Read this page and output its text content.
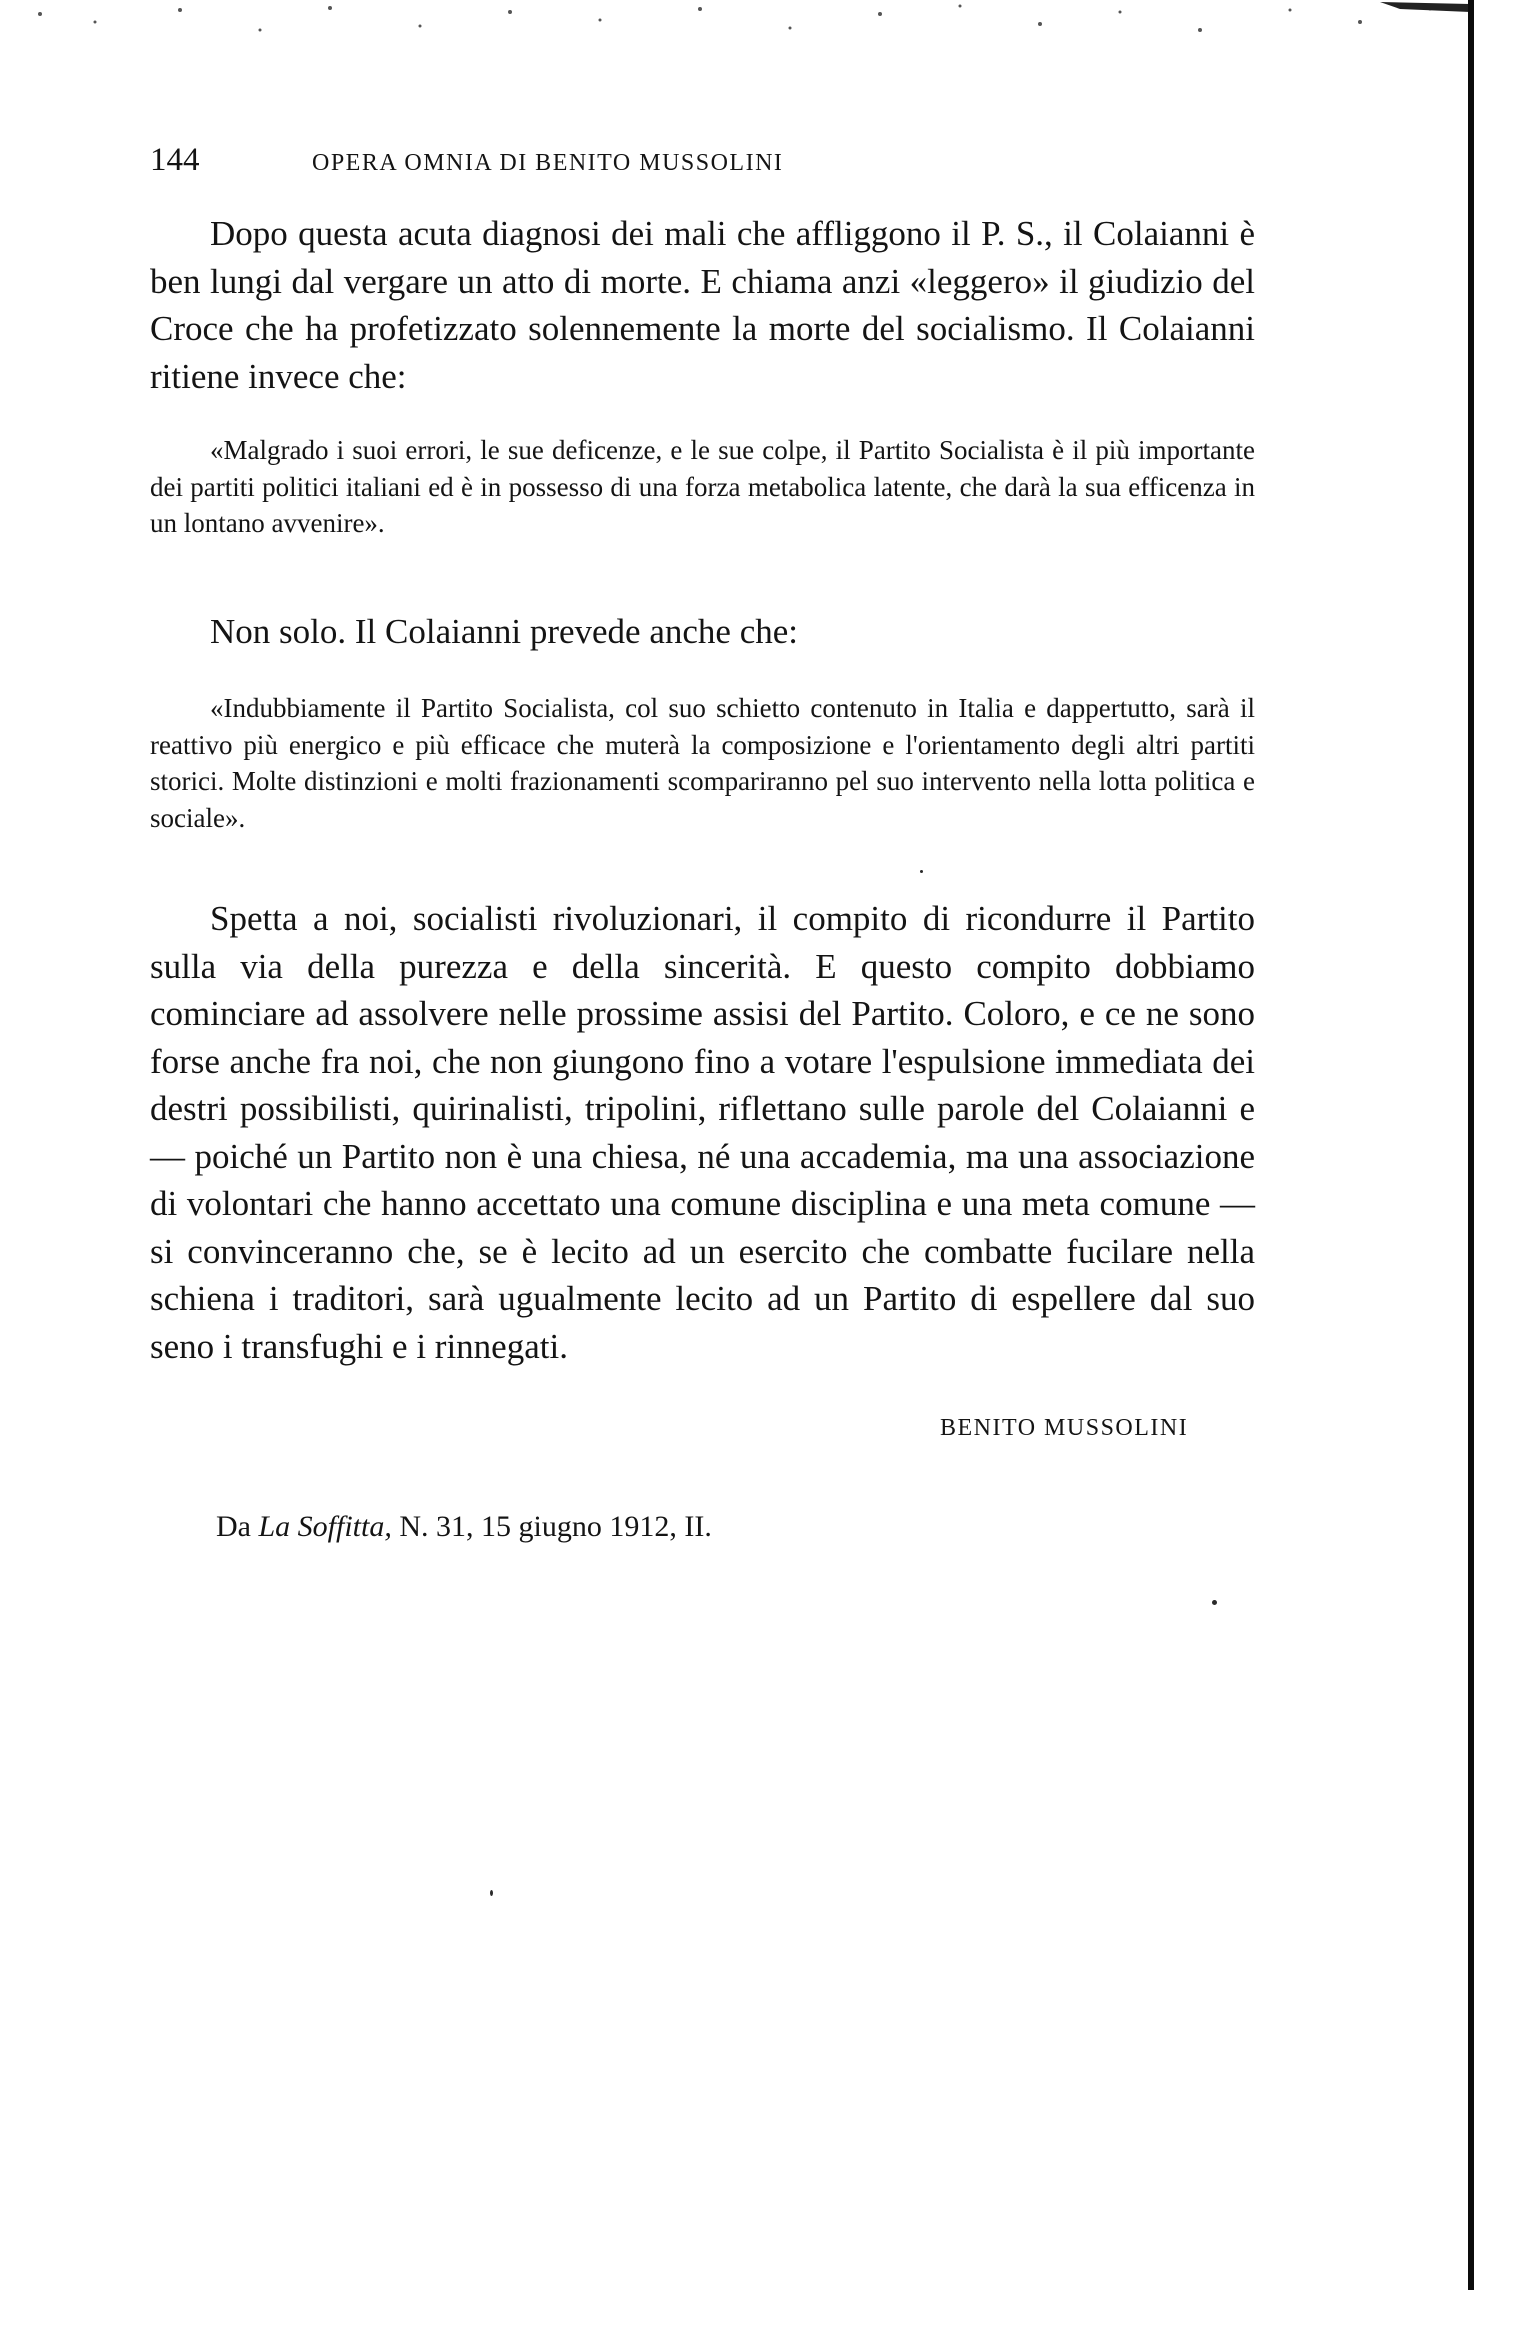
144	OPERA OMNIA DI BENITO MUSSOLINI

Dopo questa acuta diagnosi dei mali che affliggono il P. S., il Colaianni è ben lungi dal vergare un atto di morte. E chiama anzi «leggero» il giudizio del Croce che ha profetizzato solennemente la morte del socialismo. Il Colaianni ritiene invece che:

«Malgrado i suoi errori, le sue deficenze, e le sue colpe, il Partito Socialista è il più importante dei partiti politici italiani ed è in possesso di una forza metabolica latente, che darà la sua efficenza in un lontano avvenire».

Non solo. Il Colaianni prevede anche che:

«Indubbiamente il Partito Socialista, col suo schietto contenuto in Italia e dappertutto, sarà il reattivo più energico e più efficace che muterà la composizione e l'orientamento degli altri partiti storici. Molte distinzioni e molti frazionamenti scompariranno pel suo intervento nella lotta politica e sociale».

Spetta a noi, socialisti rivoluzionari, il compito di ricondurre il Partito sulla via della purezza e della sincerità. E questo compito dobbiamo cominciare ad assolvere nelle prossime assisi del Partito. Coloro, e ce ne sono forse anche fra noi, che non giungono fino a votare l'espulsione immediata dei destri possibilisti, quirinalisti, tripolini, riflettano sulle parole del Colaianni e — poiché un Partito non è una chiesa, né una accademia, ma una associazione di volontari che hanno accettato una comune disciplina e una meta comune — si convinceranno che, se è lecito ad un esercito che combatte fucilare nella schiena i traditori, sarà ugualmente lecito ad un Partito di espellere dal suo seno i transfughi e i rinnegati.

BENITO MUSSOLINI
Da La Soffitta, N. 31, 15 giugno 1912, II.
